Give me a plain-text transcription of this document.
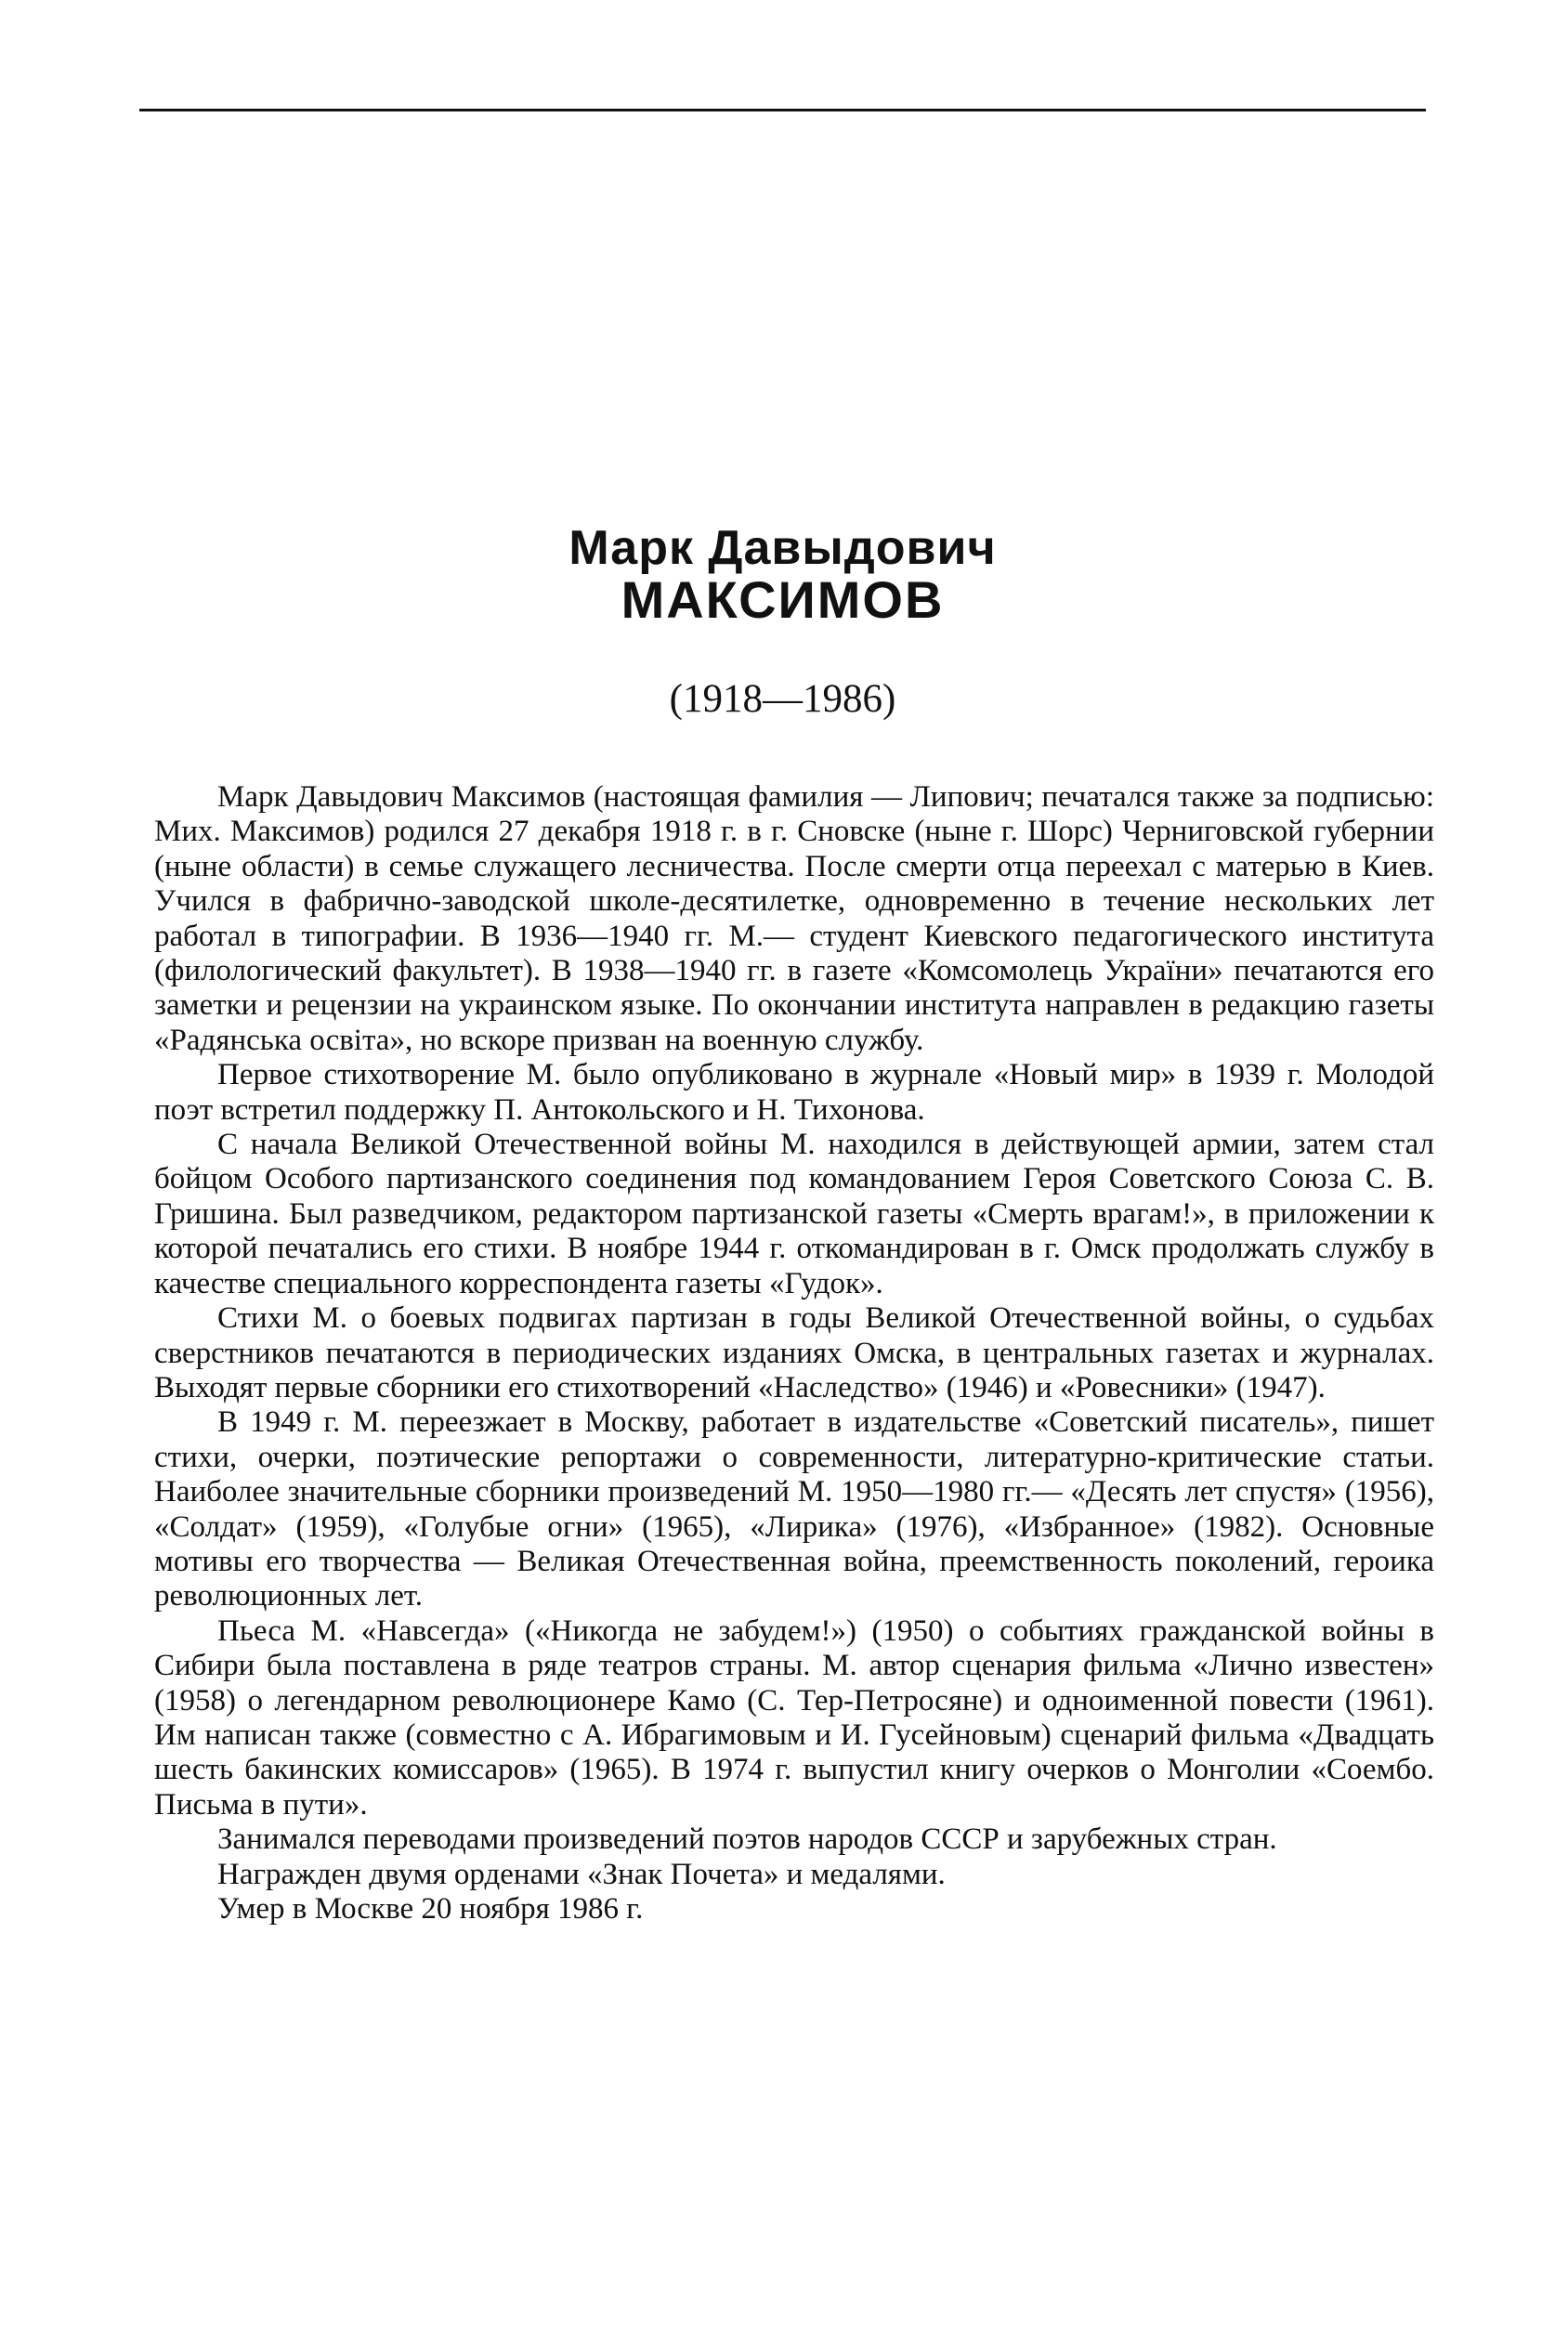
Марк Давыдович
МАКСИМОВ
(1918—1986)

Марк Давыдович Максимов (настоящая фамилия — Липович; печатался также за подписью: Мих. Максимов) родился 27 декабря 1918 г. в г. Сновске (ныне г. Шорс) Черниговской губернии (ныне области) в семье служащего лесничества. После смерти отца переехал с матерью в Киев. Учился в фабрично-заводской школе-десятилетке, одновременно в течение нескольких лет работал в типографии. В 1936—1940 гг. М.— студент Киевского педагогического института (филологический факультет). В 1938—1940 гг. в газете «Комсомолець України» печатаются его заметки и рецензии на украинском языке. По окончании института направлен в редакцию газеты «Радянська освіта», но вскоре призван на военную службу.

Первое стихотворение М. было опубликовано в журнале «Новый мир» в 1939 г. Молодой поэт встретил поддержку П. Антокольского и Н. Тихонова.

С начала Великой Отечественной войны М. находился в действующей армии, затем стал бойцом Особого партизанского соединения под командованием Героя Советского Союза С. В. Гришина. Был разведчиком, редактором партизанской газеты «Смерть врагам!», в приложении к которой печатались его стихи. В ноябре 1944 г. откомандирован в г. Омск продолжать службу в качестве специального корреспондента газеты «Гудок».

Стихи М. о боевых подвигах партизан в годы Великой Отечественной войны, о судьбах сверстников печатаются в периодических изданиях Омска, в центральных газетах и журналах. Выходят первые сборники его стихотворений «Наследство» (1946) и «Ровесники» (1947).

В 1949 г. М. переезжает в Москву, работает в издательстве «Советский писатель», пишет стихи, очерки, поэтические репортажи о современности, литературно-критические статьи. Наиболее значительные сборники произведений М. 1950—1980 гг.— «Десять лет спустя» (1956), «Солдат» (1959), «Голубые огни» (1965), «Лирика» (1976), «Избранное» (1982). Основные мотивы его творчества — Великая Отечественная война, преемственность поколений, героика революционных лет.

Пьеса М. «Навсегда» («Никогда не забудем!») (1950) о событиях гражданской войны в Сибири была поставлена в ряде театров страны. М. автор сценария фильма «Лично известен» (1958) о легендарном революционере Камо (С. Тер-Петросяне) и одноименной повести (1961). Им написан также (совместно с А. Ибрагимовым и И. Гусейновым) сценарий фильма «Двадцать шесть бакинских комиссаров» (1965). В 1974 г. выпустил книгу очерков о Монголии «Соембо. Письма в пути».

Занимался переводами произведений поэтов народов СССР и зарубежных стран.

Награжден двумя орденами «Знак Почета» и медалями.

Умер в Москве 20 ноября 1986 г.
